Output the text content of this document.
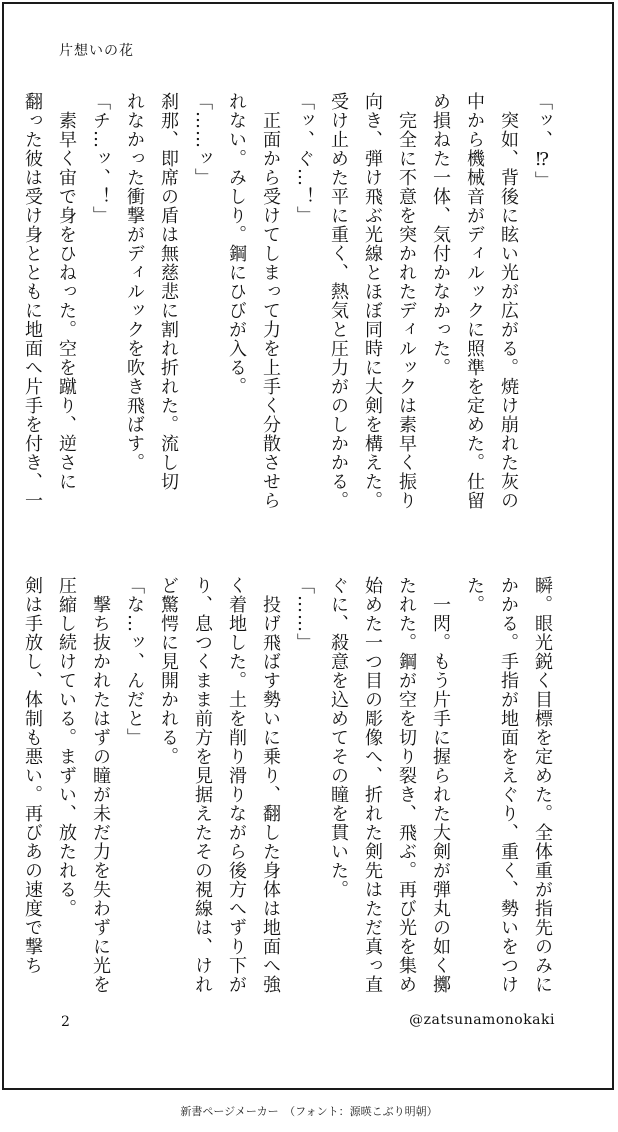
片想いの花
「ッ、⁉」
　突如、背後に眩い光が広がる。焼け崩れた灰の
中から機械音がディルックに照準を定めた。仕留
め損ねた一体、気付かなかった。
　完全に不意を突かれたディルックは素早く振り
向き、弾け飛ぶ光線とほぼ同時に大剣を構えた。
受け止めた平に重く、熱気と圧力がのしかかる。
「ッ、ぐ…！」
　正面から受けてしまって力を上手く分散させら
れない。みしり。鋼にひびが入る。
「……ッ」
刹那、即席の盾は無慈悲に割れ折れた。流し切
れなかった衝撃がディルックを吹き飛ばす。
「チ…ッ、！」
　素早く宙で身をひねった。空を蹴り、逆さに
翻った彼は受け身とともに地面へ片手を付き、一
瞬。眼光鋭く目標を定めた。全体重が指先のみに
かかる。手指が地面をえぐり、重く、勢いをつけ
た。
　一閃。もう片手に握られた大剣が弾丸の如く擲
たれた。鋼が空を切り裂き、飛ぶ。再び光を集め
始めた一つ目の彫像へ、折れた剣先はただ真っ直
ぐに、殺意を込めてその瞳を貫いた。
「……」
　投げ飛ばす勢いに乗り、翻した身体は地面へ強
く着地した。土を削り滑りながら後方へずり下が
り、息つくまま前方を見据えたその視線は、けれ
ど驚愕に見開かれる。
「な…ッ、んだと」
　撃ち抜かれたはずの瞳が未だ力を失わずに光を
圧縮し続けている。まずい、放たれる。
剣は手放し、体制も悪い。再びあの速度で撃ち
2	@zatsunamonokaki
新書ページメーカー　（フォント：源暎こぶり明朝）
